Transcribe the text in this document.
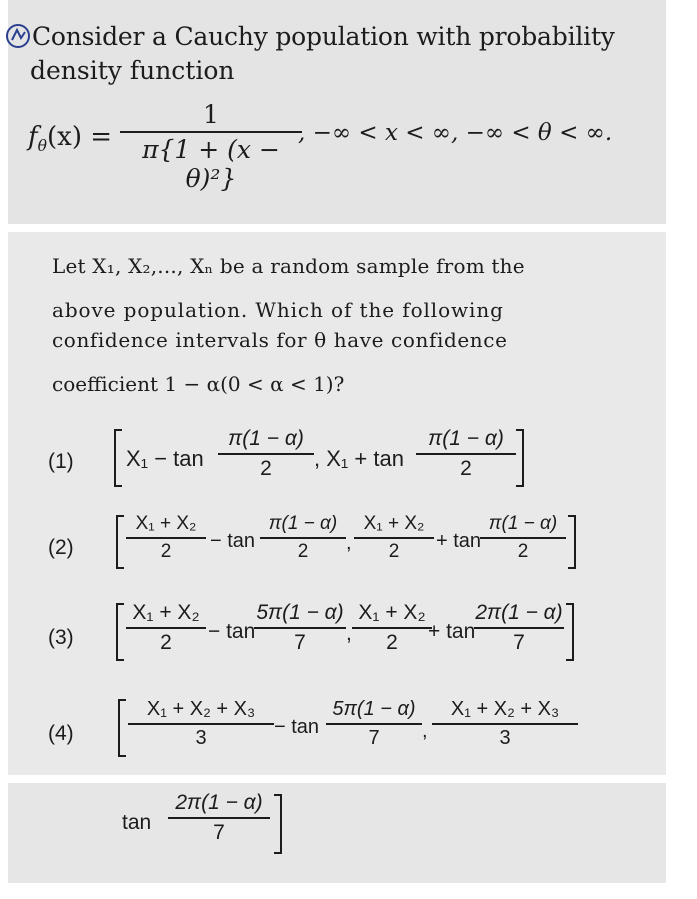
Consider a Cauchy population with probability
density function
$f_\theta(x)$ =
1
π{1 + (x − θ)²}
, −∞ < x < ∞, −∞ < θ < ∞.
Let X₁, X₂,..., Xₙ be a random sample from the
above population. Which of the following
confidence intervals for θ have confidence
coefficient 1 − α(0 < α < 1)?
(1) X₁ − tan
π(1 − α)
2	, X₁ + tan
π(1 − α)
2
(2)
X₁ + X₂
2	− tan
π(1 − α)
2	,
X₁ + X₂
2	+ tan
π(1 − α)
2
(3)
X₁ + X₂
2	− tan
5π(1 − α)
7	,
X₁ + X₂
2	+ tan
2π(1 − α)
7
(4)
X₁ + X₂ + X₃
3	− tan
5π(1 − α)
7	,
X₁ + X₂ + X₃
3
tan
2π(1 − α)
7
